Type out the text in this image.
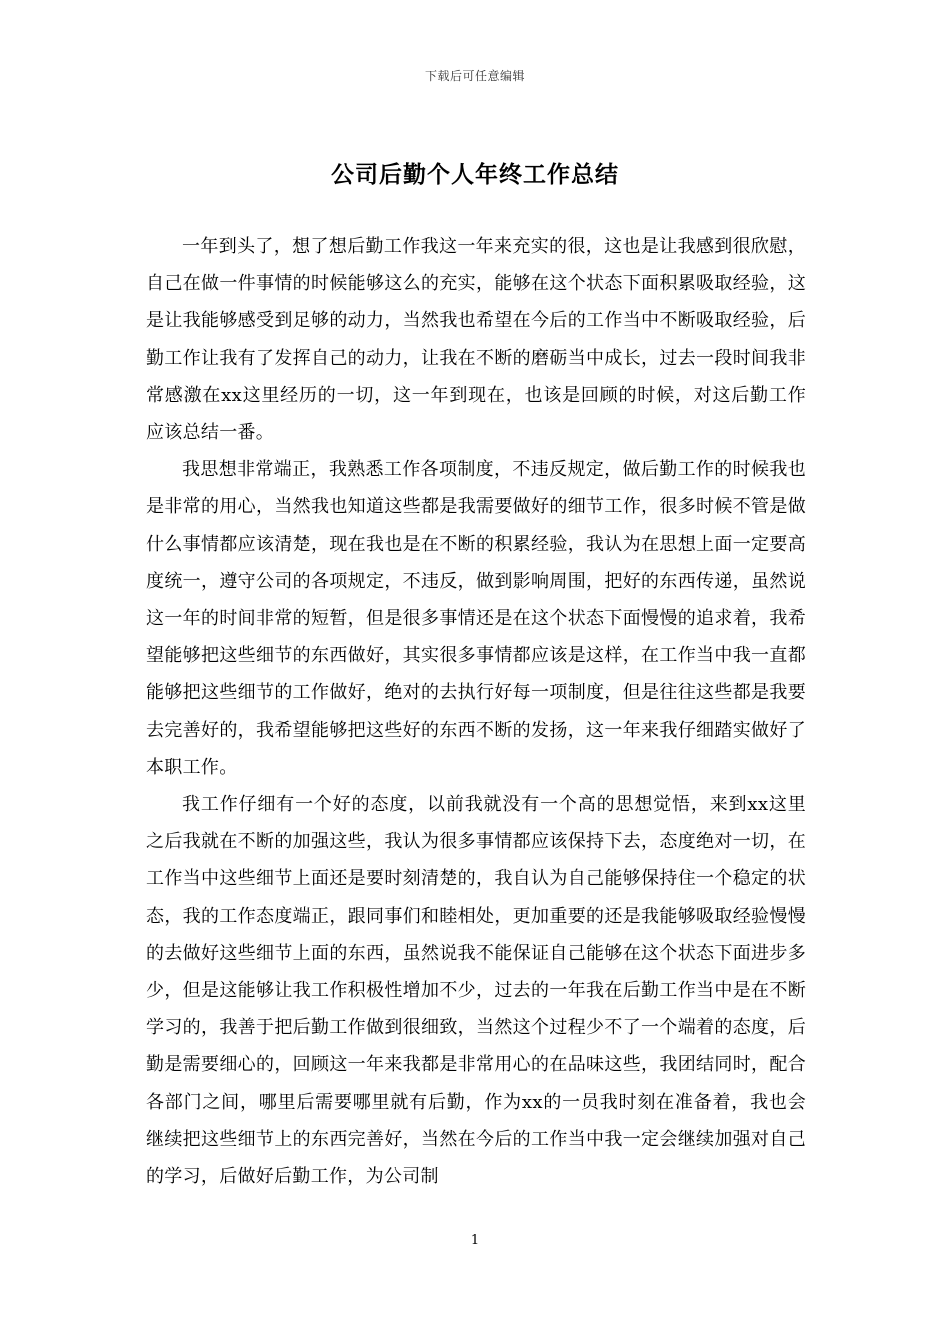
下载后可任意编辑
公司后勤个人年终工作总结

一年到头了，想了想后勤工作我这一年来充实的很，这也是让我感到很欣慰，自己在做一件事情的时候能够这么的充实，能够在这个状态下面积累吸取经验，这是让我能够感受到足够的动力，当然我也希望在今后的工作当中不断吸取经验，后勤工作让我有了发挥自己的动力，让我在不断的磨砺当中成长，过去一段时间我非常感激在xx这里经历的一切，这一年到现在，也该是回顾的时候，对这后勤工作应该总结一番。

我思想非常端正，我熟悉工作各项制度，不违反规定，做后勤工作的时候我也是非常的用心，当然我也知道这些都是我需要做好的细节工作，很多时候不管是做什么事情都应该清楚，现在我也是在不断的积累经验，我认为在思想上面一定要高度统一，遵守公司的各项规定，不违反，做到影响周围，把好的东西传递，虽然说这一年的时间非常的短暂，但是很多事情还是在这个状态下面慢慢的追求着，我希望能够把这些细节的东西做好，其实很多事情都应该是这样，在工作当中我一直都能够把这些细节的工作做好，绝对的去执行好每一项制度，但是往往这些都是我要去完善好的，我希望能够把这些好的东西不断的发扬，这一年来我仔细踏实做好了本职工作。

我工作仔细有一个好的态度，以前我就没有一个高的思想觉悟，来到xx这里之后我就在不断的加强这些，我认为很多事情都应该保持下去，态度绝对一切，在工作当中这些细节上面还是要时刻清楚的，我自认为自己能够保持住一个稳定的状态，我的工作态度端正，跟同事们和睦相处，更加重要的还是我能够吸取经验慢慢的去做好这些细节上面的东西，虽然说我不能保证自己能够在这个状态下面进步多少，但是这能够让我工作积极性增加不少，过去的一年我在后勤工作当中是在不断学习的，我善于把后勤工作做到很细致，当然这个过程少不了一个端着的态度，后勤是需要细心的，回顾这一年来我都是非常用心的在品味这些，我团结同时，配合各部门之间，哪里后需要哪里就有后勤，作为xx的一员我时刻在准备着，我也会继续把这些细节上的东西完善好，当然在今后的工作当中我一定会继续加强对自己的学习，后做好后勤工作，为公司制

1
